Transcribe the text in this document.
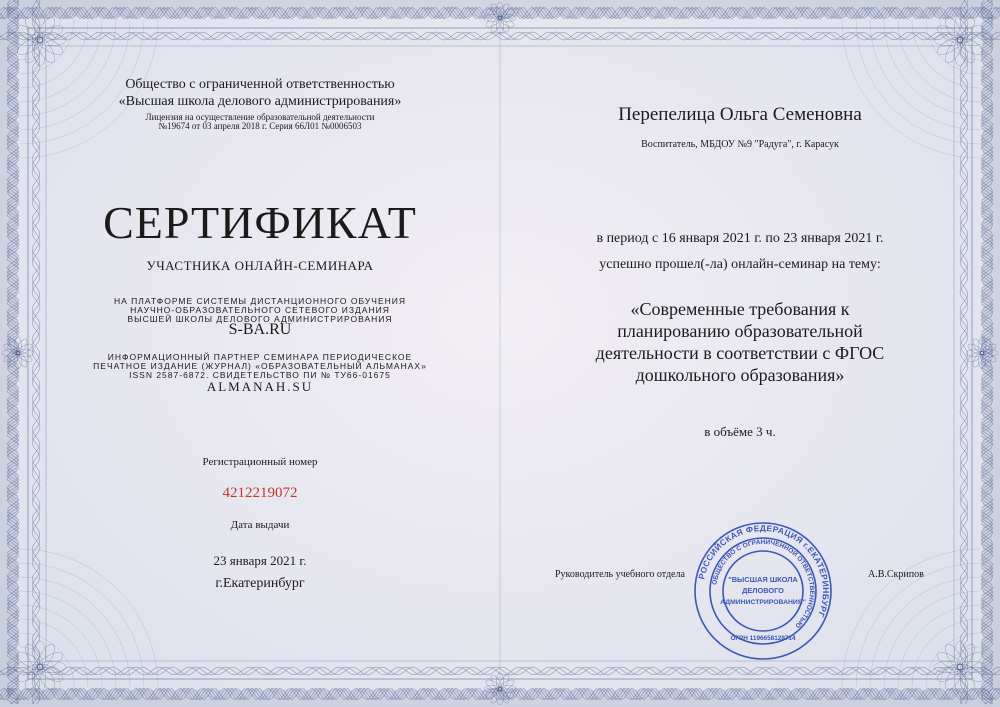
Общество с ограниченной ответственностью
«Высшая школа делового администрирования»
Лицензия на осуществление образовательной деятельности
№19674 от 03 апреля 2018 г. Серия 66Л01 №0006503
СЕРТИФИКАТ
УЧАСТНИКА ОНЛАЙН-СЕМИНАРА
НА ПЛАТФОРМЕ СИСТЕМЫ ДИСТАНЦИОННОГО ОБУЧЕНИЯ
НАУЧНО-ОБРАЗОВАТЕЛЬНОГО СЕТЕВОГО ИЗДАНИЯ
ВЫСШЕЙ ШКОЛЫ ДЕЛОВОГО АДМИНИСТРИРОВАНИЯ
S-BA.RU
ИНФОРМАЦИОННЫЙ ПАРТНЕР СЕМИНАРА ПЕРИОДИЧЕСКОЕ
ПЕЧАТНОЕ ИЗДАНИЕ (ЖУРНАЛ) «ОБРАЗОВАТЕЛЬНЫЙ АЛЬМАНАХ»
ISSN 2587-6872. СВИДЕТЕЛЬСТВО ПИ № ТУ66-01675
ALMANAH.SU
Регистрационный номер
4212219072
Дата выдачи
23 января 2021 г.
г.Екатеринбург
Перепелица Ольга Семеновна
Воспитатель, МБДОУ №9 "Радуга", г. Карасук
в период с 16 января 2021 г. по 23 января 2021 г.
успешно прошел(-ла) онлайн-семинар на тему:
«Современные требования к
планированию образовательной
деятельности в соответствии с ФГОС
дошкольного образования»
в объёме 3 ч.
Руководитель учебного отдела	А.В.Скрипов
РОССИЙСКАЯ ФЕДЕРАЦИЯ г.ЕКАТЕРИНБУРГ
ОБЩЕСТВО С ОГРАНИЧЕННОЙ ОТВЕТСТВЕННОСТЬЮ
"ВЫСШАЯ ШКОЛА
ДЕЛОВОГО
АДМИНИСТРИРОВАНИЯ"
ОГРН 1196658128714
